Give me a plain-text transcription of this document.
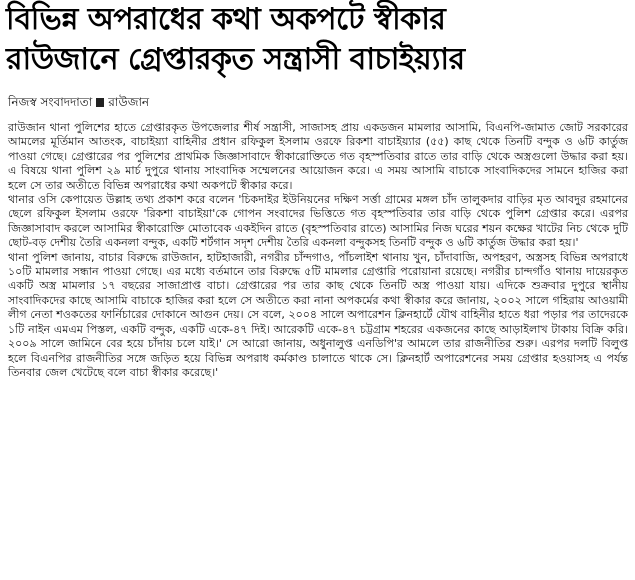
বিভিন্ন অপরাধের কথা অকপটে স্বীকার
রাউজানে গ্রেপ্তারকৃত সন্ত্রাসী বাচাইয়্যার
নিজস্ব সংবাদদাতা রাউজান

রাউজান থানা পুলিশের হাতে গ্রেপ্তারকৃত উপজেলার শীর্ষ সন্ত্রাসী, সাজাসহ প্রায় একডজন মামলার আসামি, বিএনপি-জামাত জোট সরকারের আমলের মূর্তিমান আতংক, বাচাইয়্যা বাহিনীর প্রধান রফিকুল ইসলাম ওরফে রিকশা বাচাইয়্যার (৫৫) কাছ থেকে তিনটি বন্দুক ও ৬টি কার্তুজ পাওয়া গেছে। গ্রেপ্তারের পর পুলিশের প্রাথমিক জিজ্ঞাসাবাদে স্বীকারোক্তিতে গত বৃহস্পতিবার রাতে তার বাড়ি থেকে অস্ত্রগুলো উদ্ধার করা হয়। এ বিষয়ে থানা পুলিশ ২৯ মার্চ দুপুরে থানায় সাংবাদিক সম্মেলনের আয়োজন করে। এ সময় আসামি বাচাকে সাংবাদিকদের সামনে হাজির করা হলে সে তার অতীতে বিভিন্ন অপরাধের কথা অকপটে স্বীকার করে।

থানার ওসি কেপায়েত উল্লাহ তথ্য প্রকাশ করে বলেন 'চিকদাইর ইউনিয়নের দক্ষিণ সর্ত্তা গ্রামের মঙ্গল চাঁদ তালুকদার বাড়ির মৃত আবদুর রহমানের ছেলে রফিকুল ইসলাম ওরফে 'রিকশা বাচাইয়া'কে গোপন সংবাদের ভিত্তিতে গত বৃহস্পতিবার তার বাড়ি থেকে পুলিশ গ্রেপ্তার করে। এরপর জিজ্ঞাসাবাদ করলে আসামির স্বীকারোক্তি মোতাবেক একইদিন রাতে (বৃহস্পতিবার রাতে) আসামির নিজ ঘরের শয়ন কক্ষের খাটের নিচ থেকে দুটি ছোট-বড় দেশীয় তৈরি একনলা বন্দুক, একটি শর্টগান সদৃশ দেশীয় তৈরি একনলা বন্দুকসহ তিনটি বন্দুক ও ৬টি কার্তুজ উদ্ধার করা হয়।'

থানা পুলিশ জানায়, বাচার বিরুদ্ধে রাউজান, হাটহাজারী, নগরীর চাঁন্দগাও, পাঁচলাইশ থানায় খুন, চাঁদাবাজি, অপহরণ, অস্ত্রসহ বিভিন্ন অপরাধে ১০টি মামলার সন্ধান পাওয়া গেছে। এর মধ্যে বর্তমানে তার বিরুদ্ধে ৫টি মামলার গ্রেপ্তারি পরোয়ানা রয়েছে। নগরীর চান্দগাঁও থানায় দায়েরকৃত একটি অস্ত্র মামলার ১৭ বছরের সাজাপ্রাপ্ত বাচা। গ্রেপ্তারের পর তার কাছ থেকে তিনটি অস্ত্র পাওয়া যায়। এদিকে শুক্রবার দুপুরে স্থানীয় সাংবাদিকদের কাছে আসামি বাচাকে হাজির করা হলে সে অতীতে করা নানা অপকর্মের কথা স্বীকার করে জানায়, ২০০২ সালে গহিরায় আওয়ামী লীগ নেতা শওকতের ফার্নিচারের দোকানে আগুন দেয়। সে বলে, ২০০৪ সালে অপারেশন ক্লিনহার্টে যৌথ বাহিনীর হাতে ধরা পড়ার পর তাদেরকে ১টি নাইন এমএম পিস্তল, একটি বন্দুক, একটি একে-৪৭ দিই। আরেকটি একে-৪৭ চট্টগ্রাম শহরের একজনের কাছে আড়াইলাখ টাকায় বিক্রি করি। ২০০৯ সালে জামিনে বের হয়ে চাঁদায় চলে যাই।' সে আরো জানায়, অধুনালুপ্ত এনডিপি'র আমলে তার রাজনীতির শুরু। এরপর দলটি বিলুপ্ত হলে বিএনপির রাজনীতির সঙ্গে জড়িত হয়ে বিভিন্ন অপরাধ কর্মকাণ্ড চালাতে থাকে সে। ক্লিনহার্ট অপারেশনের সময় গ্রেপ্তার হওয়াসহ এ পর্যন্ত তিনবার জেল খেটেছে বলে বাচা স্বীকার করেছে।'
